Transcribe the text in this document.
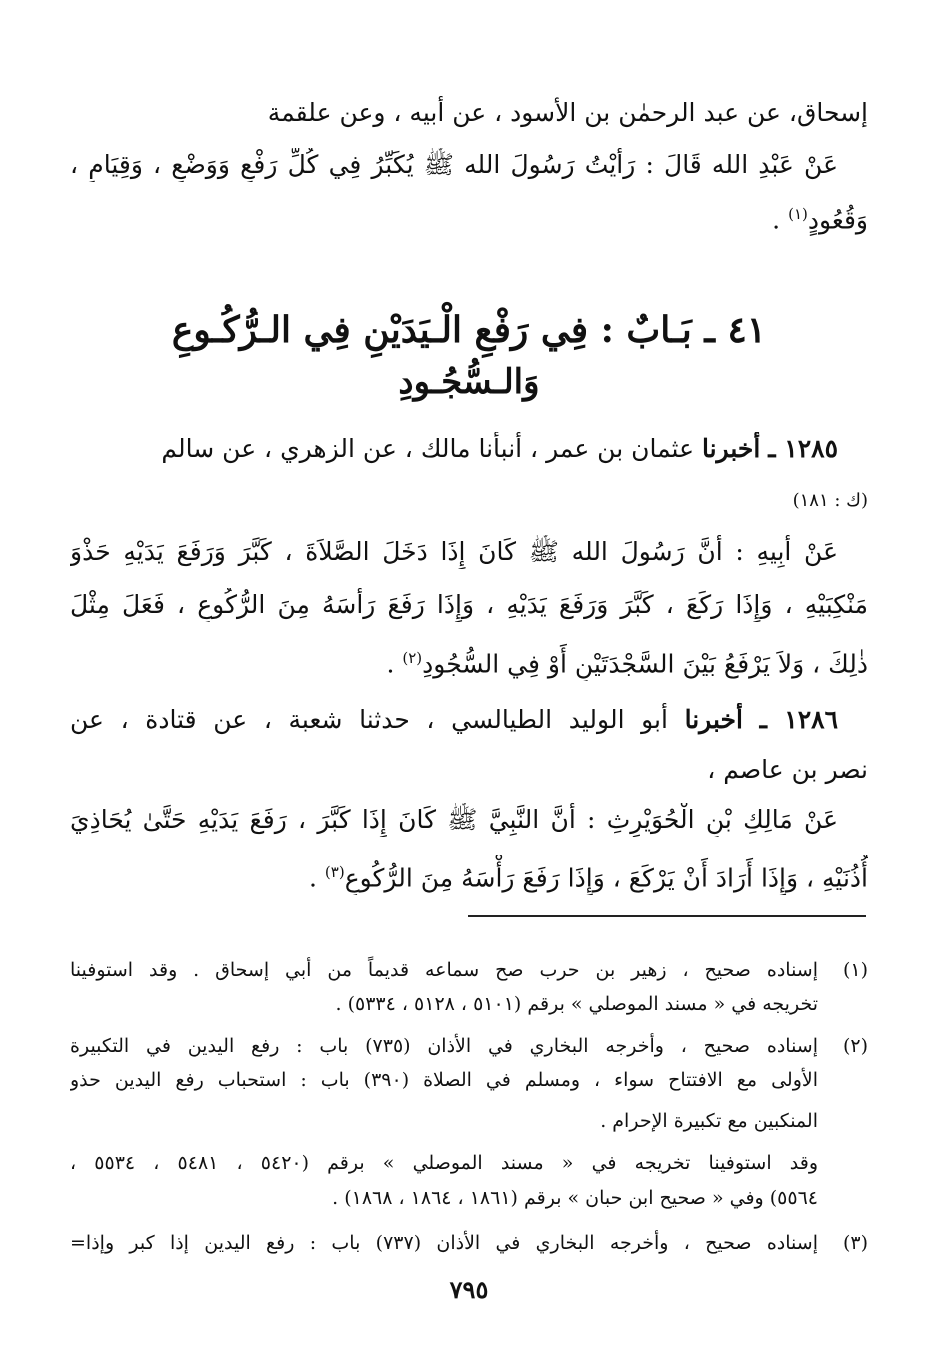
إسحاق، عن عبد الرحمٰن بن الأسود ، عن أبيه ، وعن علقمة
عَنْ عَبْدِ الله قَالَ : رَأَيْتُ رَسُولَ الله ﷺ يُكَبِّرُ فِي كُلِّ رَفْعٍ وَوَضْعٍ ، وَقِيَامٍ ،
وَقُعُودٍ$^{(١)}$ .
٤١ ـ بَـابٌ : فِي رَفْعِ الْـيَدَيْنِ فِي الـرُّكُـوعِ
وَالـسُّجُـودِ
١٢٨٥ ـ أخبرنا عثمان بن عمر ، أنبأنا مالك ، عن الزهري ، عن سالم
(ك : ١٨١)
عَنْ أَبِيهِ : أَنَّ رَسُولَ الله ﷺ كَانَ إِذَا دَخَلَ الصَّلاَةَ ، كَبَّرَ وَرَفَعَ يَدَيْهِ حَذْوَ
مَنْكِبَيْهِ ، وَإِذَا رَكَعَ ، كَبَّرَ وَرَفَعَ يَدَيْهِ ، وَإِذَا رَفَعَ رَأْسَهُ مِنَ الرُّكُوعِ ، فَعَلَ مِثْلَ
ذٰلِكَ ، وَلاَ يَرْفَعُ بَيْنَ السَّجْدَتَيْنِ أَوْ فِي السُّجُودِ$^{(٢)}$ .
١٢٨٦ ـ أخبرنا أبو الوليد الطيالسي ، حدثنا شعبة ، عن قتادة ، عن
نصر بن عاصم ،
عَنْ مَالِكِ بْنِ الْحُوَيْرِثِ : أَنَّ النَّبِيَّ ﷺ كَانَ إِذَا كَبَّرَ ، رَفَعَ يَدَيْهِ حَتَّىٰ يُحَاذِيَ
أُذُنَيْهِ ، وَإِذَا أَرَادَ أَنْ يَرْكَعَ ، وَإِذَا رَفَعَ رَأْسَهُ مِنَ الرُّكُوعِ$^{(٣)}$ .
(١)
إسناده صحيح ، زهير بن حرب صح سماعه قديماً من أبي إسحاق . وقد استوفينا
تخريجه في « مسند الموصلي » برقم (٥١٠١ ، ٥١٢٨ ، ٥٣٣٤) .
(٢)
إسناده صحيح ، وأخرجه البخاري في الأذان (٧٣٥) باب : رفع اليدين في التكبيرة
الأولى مع الافتتاح سواء ، ومسلم في الصلاة (٣٩٠) باب : استحباب رفع اليدين حذو
المنكبين مع تكبيرة الإحرام .
وقد استوفينا تخريجه في « مسند الموصلي » برقم (٥٤٢٠ ، ٥٤٨١ ، ٥٥٣٤ ،
٥٥٦٤) وفي « صحيح ابن حبان » برقم (١٨٦١ ، ١٨٦٤ ، ١٨٦٨) .
(٣)
إسناده صحيح ، وأخرجه البخاري في الأذان (٧٣٧) باب : رفع اليدين إذا كبر وإذا=
٧٩٥
